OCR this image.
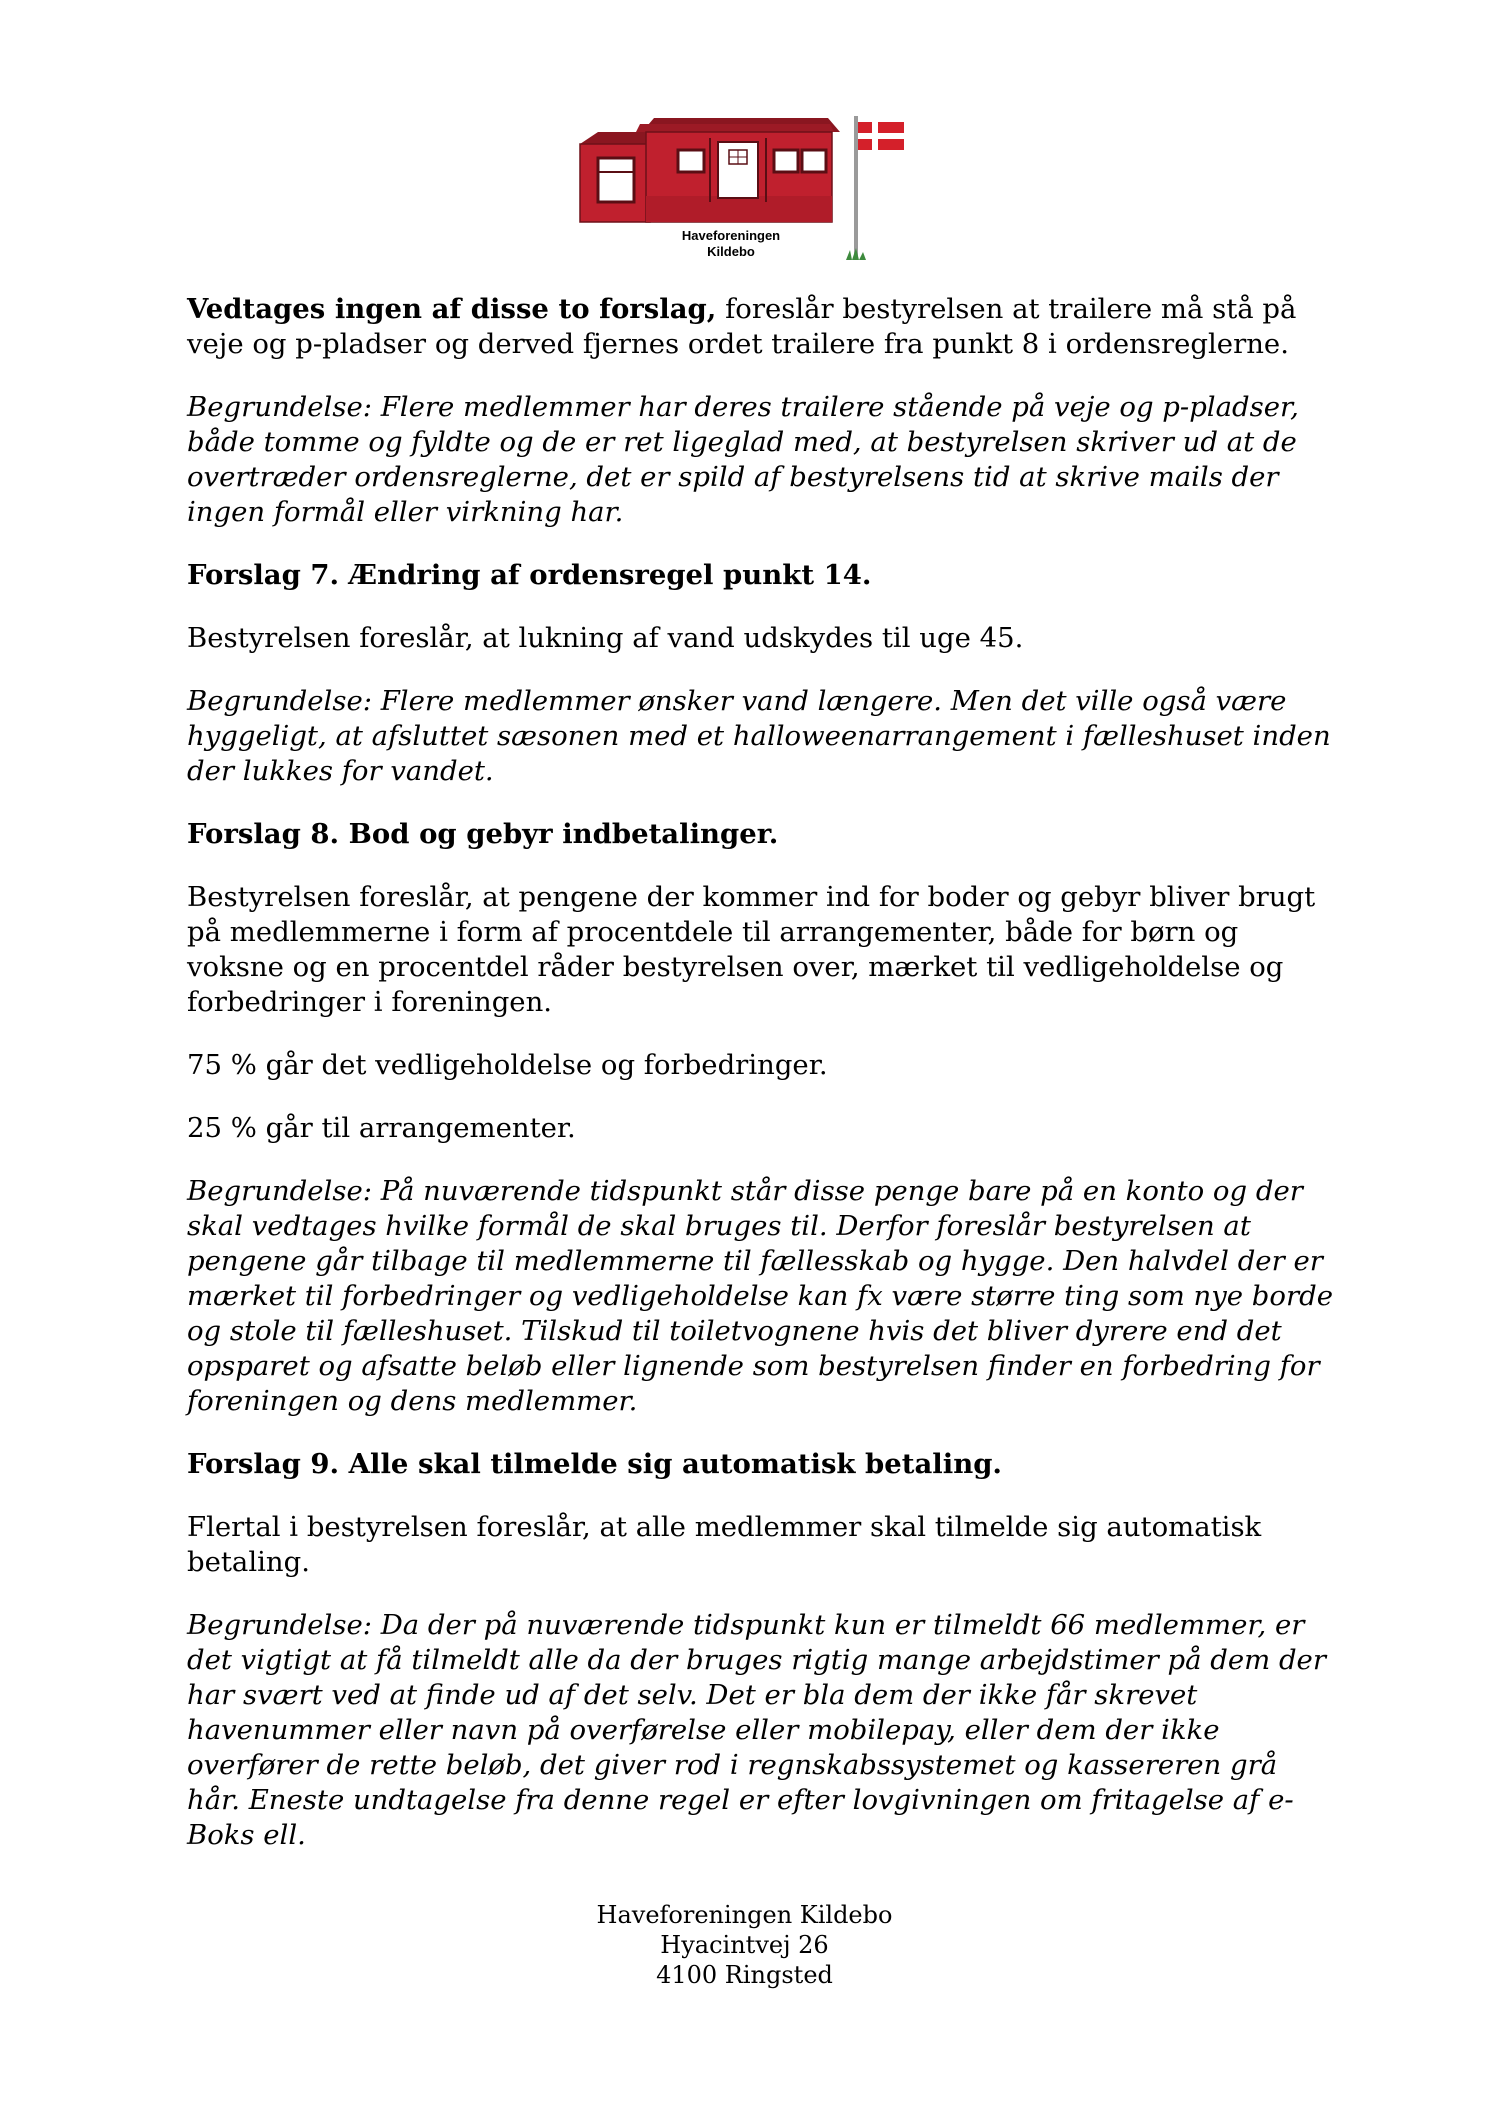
Haveforeningen
Kildebo

Vedtages ingen af disse to forslag, foreslår bestyrelsen at trailere må stå på veje og p-pladser og derved fjernes ordet trailere fra punkt 8 i ordensreglerne.

Begrundelse: Flere medlemmer har deres trailere stående på veje og p-pladser, både tomme og fyldte og de er ret ligeglad med, at bestyrelsen skriver ud at de overtræder ordensreglerne, det er spild af bestyrelsens tid at skrive mails der ingen formål eller virkning har.

Forslag 7. Ændring af ordensregel punkt 14.

Bestyrelsen foreslår, at lukning af vand udskydes til uge 45.

Begrundelse: Flere medlemmer ønsker vand længere. Men det ville også være hyggeligt, at afsluttet sæsonen med et halloweenarrangement i fælleshuset inden der lukkes for vandet.

Forslag 8. Bod og gebyr indbetalinger.

Bestyrelsen foreslår, at pengene der kommer ind for boder og gebyr bliver brugt på medlemmerne i form af procentdele til arrangementer, både for børn og voksne og en procentdel råder bestyrelsen over, mærket til vedligeholdelse og forbedringer i foreningen.

75 % går det vedligeholdelse og forbedringer.

25 % går til arrangementer.

Begrundelse: På nuværende tidspunkt står disse penge bare på en konto og der skal vedtages hvilke formål de skal bruges til. Derfor foreslår bestyrelsen at pengene går tilbage til medlemmerne til fællesskab og hygge. Den halvdel der er mærket til forbedringer og vedligeholdelse kan fx være større ting som nye borde og stole til fælleshuset. Tilskud til toiletvognene hvis det bliver dyrere end det opsparet og afsatte beløb eller lignende som bestyrelsen finder en forbedring for foreningen og dens medlemmer.

Forslag 9. Alle skal tilmelde sig automatisk betaling.

Flertal i bestyrelsen foreslår, at alle medlemmer skal tilmelde sig automatisk betaling.

Begrundelse: Da der på nuværende tidspunkt kun er tilmeldt 66 medlemmer, er det vigtigt at få tilmeldt alle da der bruges rigtig mange arbejdstimer på dem der har svært ved at finde ud af det selv. Det er bla dem der ikke får skrevet havenummer eller navn på overførelse eller mobilepay, eller dem der ikke overfører de rette beløb, det giver rod i regnskabssystemet og kassereren grå hår. Eneste undtagelse fra denne regel er efter lovgivningen om fritagelse af e-Boks ell.

Haveforeningen Kildebo
Hyacintvej 26
4100 Ringsted
